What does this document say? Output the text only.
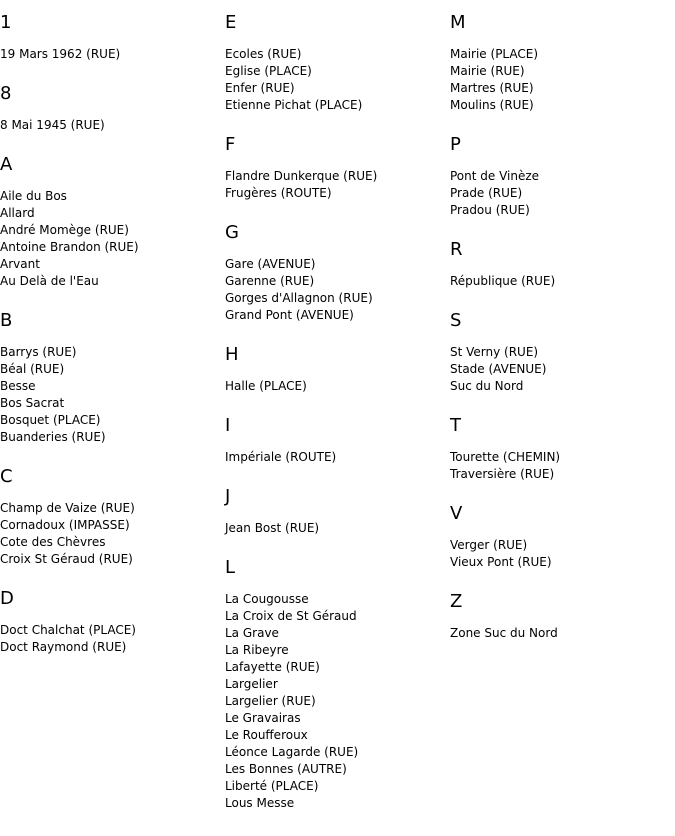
1
19 Mars 1962 (RUE)
8
8 Mai 1945 (RUE)
A
Aile du Bos
Allard
André Momège (RUE)
Antoine Brandon (RUE)
Arvant
Au Delà de l'Eau
B
Barrys (RUE)
Béal (RUE)
Besse
Bos Sacrat
Bosquet (PLACE)
Buanderies (RUE)
C
Champ de Vaize (RUE)
Cornadoux (IMPASSE)
Cote des Chèvres
Croix St Géraud (RUE)
D
Doct Chalchat (PLACE)
Doct Raymond (RUE)
E
Ecoles (RUE)
Eglise (PLACE)
Enfer (RUE)
Etienne Pichat (PLACE)
F
Flandre Dunkerque (RUE)
Frugères (ROUTE)
G
Gare (AVENUE)
Garenne (RUE)
Gorges d'Allagnon (RUE)
Grand Pont (AVENUE)
H
Halle (PLACE)
I
Impériale (ROUTE)
J
Jean Bost (RUE)
L
La Cougousse
La Croix de St Géraud
La Grave
La Ribeyre
Lafayette (RUE)
Largelier
Largelier (RUE)
Le Gravairas
Le Roufferoux
Léonce Lagarde (RUE)
Les Bonnes (AUTRE)
Liberté (PLACE)
Lous Messe
M
Mairie (PLACE)
Mairie (RUE)
Martres (RUE)
Moulins (RUE)
P
Pont de Vinèze
Prade (RUE)
Pradou (RUE)
R
République (RUE)
S
St Verny (RUE)
Stade (AVENUE)
Suc du Nord
T
Tourette (CHEMIN)
Traversière (RUE)
V
Verger (RUE)
Vieux Pont (RUE)
Z
Zone Suc du Nord
